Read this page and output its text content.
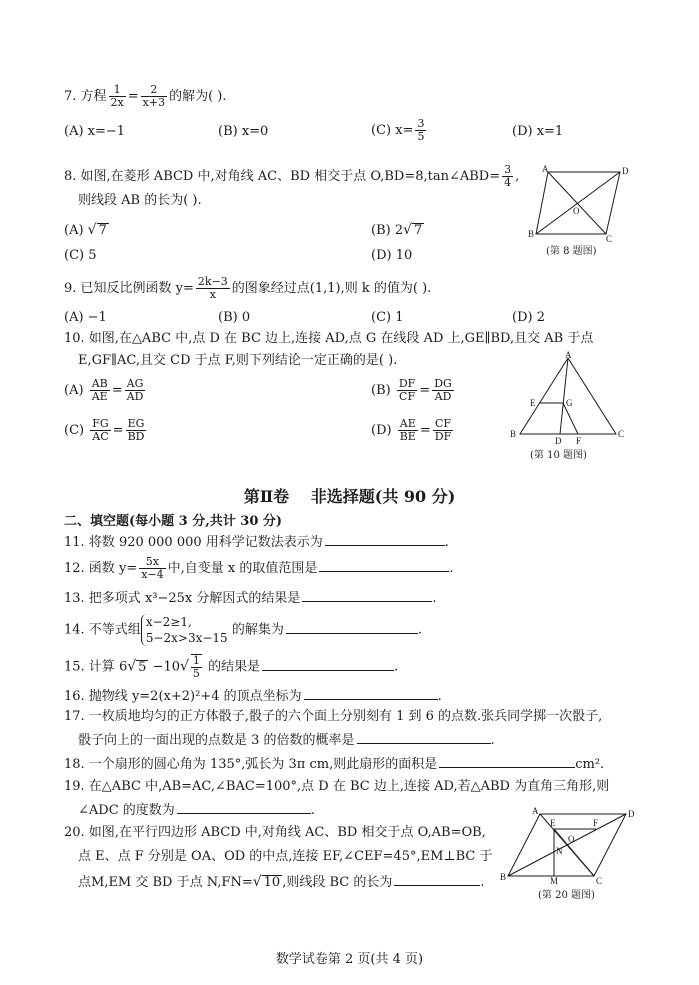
7. 方程 $\frac{1}{2x} = \frac{2}{x+3}$ 的解为( ).
(A) x=−1	(B) x=0	(C) $x= \frac{3}{5}$	(D) x=1
8. 如图,在菱形 ABCD 中,对角线 AC、BD 相交于点 O,BD=8,tan∠ABD= $\frac{3}{4}$ ,
则线段 AB 的长为( ).
(A) √ 7	(B) 2√ 7
(C) 5	(D) 10
A	D
B	C
O
(第 8 题图)
9. 已知反比例函数 $y= \frac{2k-3}{x}$ 的图象经过点(1,1),则 k 的值为( ).
(A) −1	(B) 0	(C) 1	(D) 2
10. 如图,在△ABC 中,点 D 在 BC 边上,连接 AD,点 G 在线段 AD 上,GE∥BD,且交 AB 于点
E,GF∥AC,且交 CD 于点 F,则下列结论一定正确的是( ).
$(A) \frac{AB}{AE} = \frac{AG}{AD}$	$(B) \frac{DF}{CF} = \frac{DG}{AD}$
$(C) \frac{FG}{AC} = \frac{EG}{BD}$	$(D) \frac{AE}{BE} = \frac{CF}{DF}$
A
B	C
D F
E	G
(第 10 题图)
第Ⅱ卷　 非选择题(共 90 分)
二、填空题(每小题 3 分,共计 30 分)
11. 将数 920 000 000 用科学记数法表示为	.
12. 函数 $y= \frac{5x}{x-4}$ 中,自变量 x 的取值范围是	.
13. 把多项式 x³−25x 分解因式的结果是	.
14. 不等式组
x−2≥1,
5−2x>3x−15
的解集为	.
15. 计算 6√ $5 -10√ \frac{1}{5}$ 的结果是	.
16. 抛物线 y=2(x+2)²+4 的顶点坐标为	.
17. 一枚质地均匀的正方体骰子,骰子的六个面上分别刻有 1 到 6 的点数.张兵同学掷一次骰子,
骰子向上的一面出现的点数是 3 的倍数的概率是	.
18. 一个扇形的圆心角为 135°,弧长为 3π cm,则此扇形的面积是	cm².
19. 在△ABC 中,AB=AC,∠BAC=100°,点 D 在 BC 边上,连接 AD,若△ABD 为直角三角形,则
∠ADC 的度数为	.
20. 如图,在平行四边形 ABCD 中,对角线 AC、BD 相交于点 O,AB=OB,
点 E、点 F 分别是 OA、OD 的中点,连接 EF,∠CEF=45°,EM⊥BC 于
点M,EM 交 BD 于点 N,FN=√ 10 ,则线段 BC 的长为	.
A	D
B	C
M
E	F
N
O
(第 20 题图)
数学试卷第 2 页(共 4 页)
